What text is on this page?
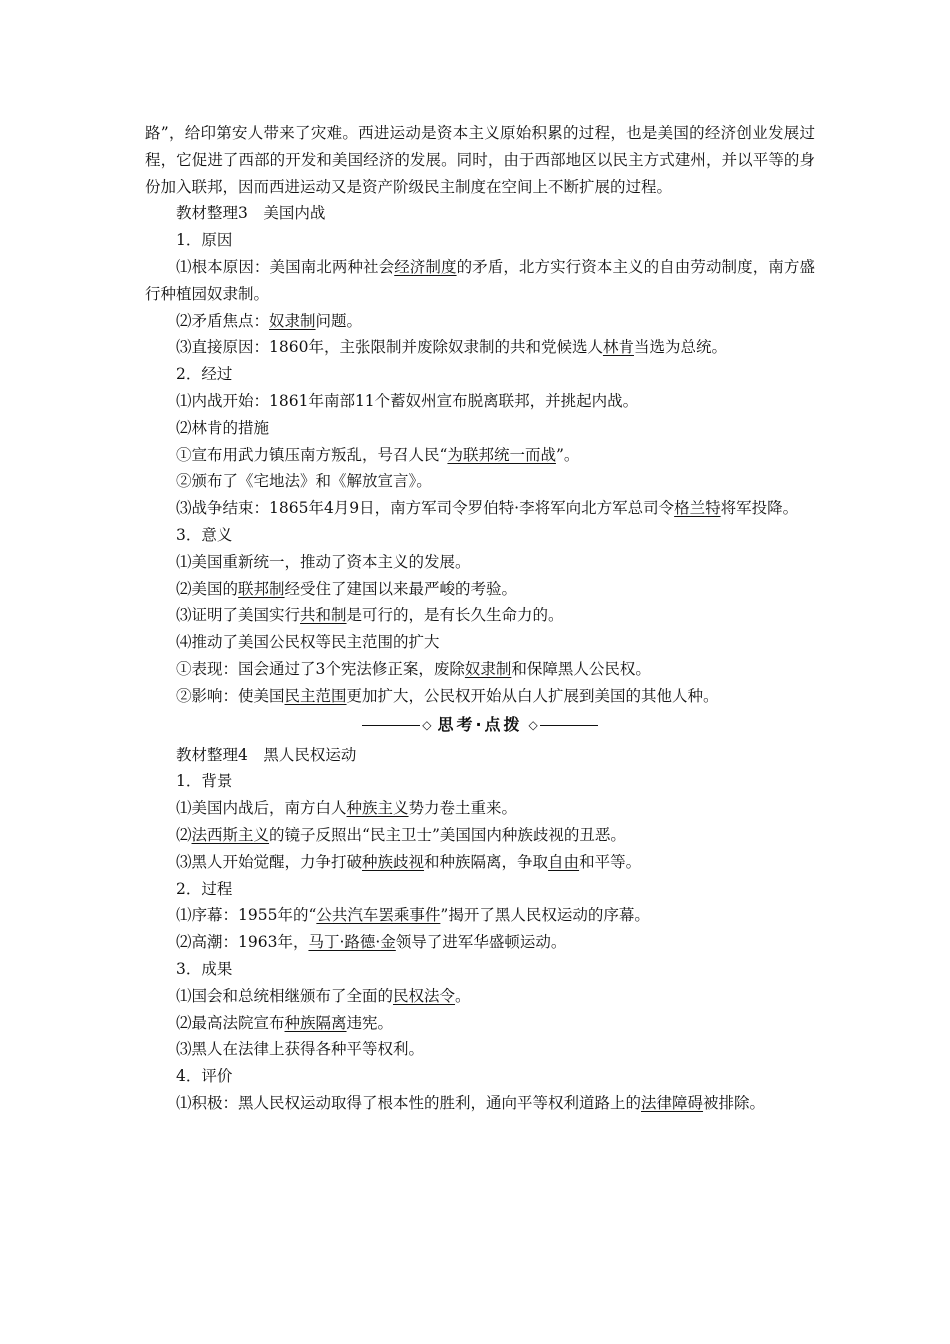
路”，给印第安人带来了灾难。西进运动是资本主义原始积累的过程，也是美国的经济创业发展过程，它促进了西部的开发和美国经济的发展。同时，由于西部地区以民主方式建州，并以平等的身份加入联邦，因而西进运动又是资产阶级民主制度在空间上不断扩展的过程。

教材整理3　美国内战

1．原因

⑴根本原因：美国南北两种社会经济制度的矛盾，北方实行资本主义的自由劳动制度，南方盛行种植园奴隶制。

⑵矛盾焦点：奴隶制问题。

⑶直接原因：1860年，主张限制并废除奴隶制的共和党候选人林肯当选为总统。

2．经过

⑴内战开始：1861年南部11个蓄奴州宣布脱离联邦，并挑起内战。

⑵林肯的措施

①宣布用武力镇压南方叛乱，号召人民“为联邦统一而战”。

②颁布了《宅地法》和《解放宣言》。

⑶战争结束：1865年4月9日，南方军司令罗伯特·李将军向北方军总司令格兰特将军投降。

3．意义

⑴美国重新统一，推动了资本主义的发展。

⑵美国的联邦制经受住了建国以来最严峻的考验。

⑶证明了美国实行共和制是可行的，是有长久生命力的。

⑷推动了美国公民权等民主范围的扩大

①表现：国会通过了3个宪法修正案，废除奴隶制和保障黑人公民权。

②影响：使美国民主范围更加扩大，公民权开始从白人扩展到美国的其他人种。

◇ 思考·点拨 ◇

教材整理4　黑人民权运动

1．背景

⑴美国内战后，南方白人种族主义势力卷土重来。

⑵法西斯主义的镜子反照出“民主卫士”美国国内种族歧视的丑恶。

⑶黑人开始觉醒，力争打破种族歧视和种族隔离，争取自由和平等。

2．过程

⑴序幕：1955年的“公共汽车罢乘事件”揭开了黑人民权运动的序幕。

⑵高潮：1963年，马丁·路德·金领导了进军华盛顿运动。

3．成果

⑴国会和总统相继颁布了全面的民权法令。

⑵最高法院宣布种族隔离违宪。

⑶黑人在法律上获得各种平等权利。

4．评价

⑴积极：黑人民权运动取得了根本性的胜利，通向平等权利道路上的法律障碍被排除。
